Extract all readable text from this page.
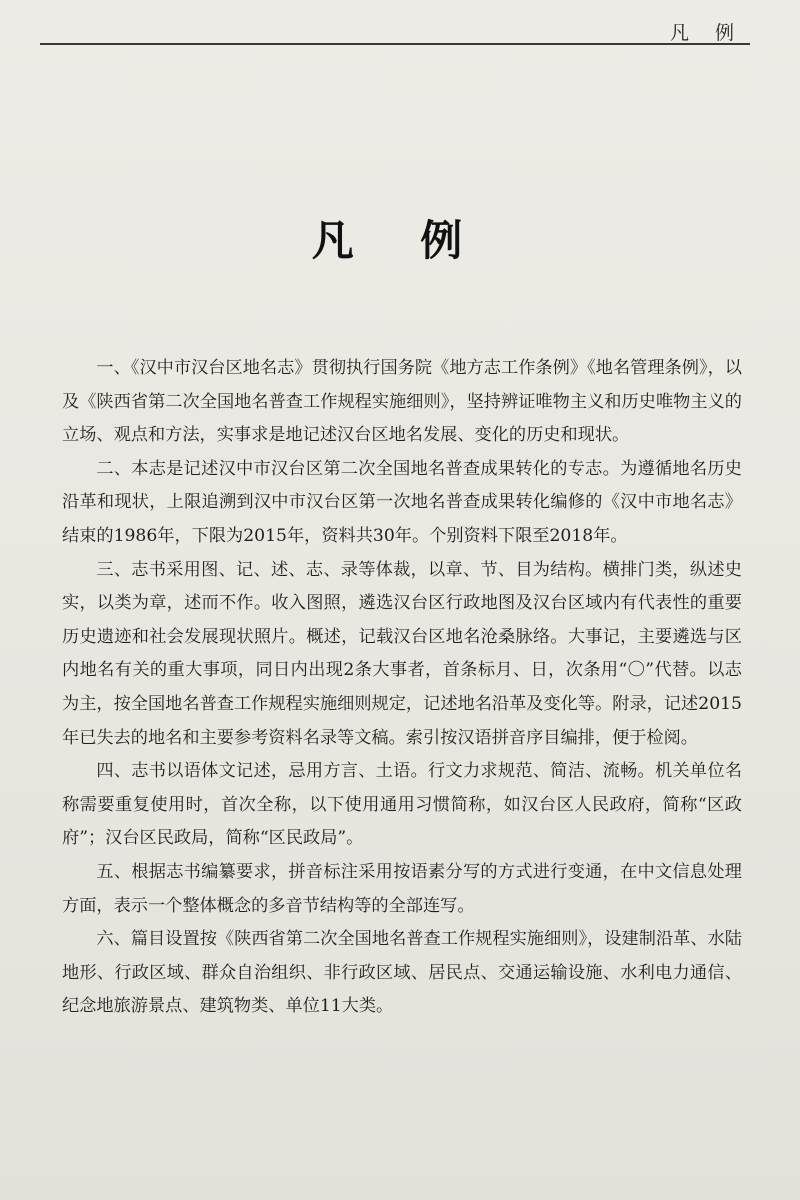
凡 例
凡 例

一、《汉中市汉台区地名志》贯彻执行国务院《地方志工作条例》《地名管理条例》，以及《陕西省第二次全国地名普查工作规程实施细则》，坚持辨证唯物主义和历史唯物主义的立场、观点和方法，实事求是地记述汉台区地名发展、变化的历史和现状。

二、本志是记述汉中市汉台区第二次全国地名普查成果转化的专志。为遵循地名历史沿革和现状，上限追溯到汉中市汉台区第一次地名普查成果转化编修的《汉中市地名志》结束的1986年，下限为2015年，资料共30年。个别资料下限至2018年。

三、志书采用图、记、述、志、录等体裁，以章、节、目为结构。横排门类，纵述史实，以类为章，述而不作。收入图照，遴选汉台区行政地图及汉台区域内有代表性的重要历史遗迹和社会发展现状照片。概述，记载汉台区地名沧桑脉络。大事记，主要遴选与区内地名有关的重大事项，同日内出现2条大事者，首条标月、日，次条用“〇”代替。以志为主，按全国地名普查工作规程实施细则规定，记述地名沿革及变化等。附录，记述2015年已失去的地名和主要参考资料名录等文稿。索引按汉语拼音序目编排，便于检阅。

四、志书以语体文记述，忌用方言、土语。行文力求规范、简洁、流畅。机关单位名称需要重复使用时，首次全称，以下使用通用习惯简称，如汉台区人民政府，简称“区政府”；汉台区民政局，简称“区民政局”。

五、根据志书编纂要求，拼音标注采用按语素分写的方式进行变通，在中文信息处理方面，表示一个整体概念的多音节结构等的全部连写。

六、篇目设置按《陕西省第二次全国地名普查工作规程实施细则》，设建制沿革、水陆地形、行政区域、群众自治组织、非行政区域、居民点、交通运输设施、水利电力通信、纪念地旅游景点、建筑物类、单位11大类。
